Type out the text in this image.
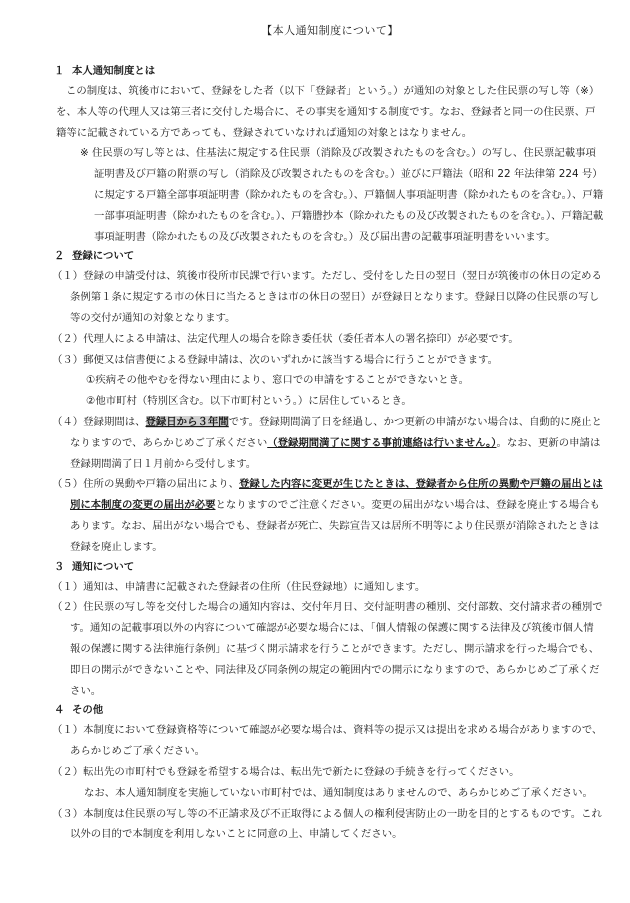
【本人通知制度について】
１ 本人通知制度とは

この制度は、筑後市において、登録をした者（以下「登録者」という。）が通知の対象とした住民票の写し等（※）を、本人等の代理人又は第三者に交付した場合に、その事実を通知する制度です。なお、登録者と同一の住民票、戸籍等に記載されている方であっても、登録されていなければ通知の対象とはなりません。

※ 住民票の写し等とは、住基法に規定する住民票（消除及び改製されたものを含む。）の写し、住民票記載事項証明書及び戸籍の附票の写し（消除及び改製されたものを含む。）並びに戸籍法（昭和 22 年法律第 224 号）に規定する戸籍全部事項証明書（除かれたものを含む。）、戸籍個人事項証明書（除かれたものを含む。）、戸籍一部事項証明書（除かれたものを含む。）、戸籍謄抄本（除かれたもの及び改製されたものを含む。）、戸籍記載事項証明書（除かれたもの及び改製されたものを含む。）及び届出書の記載事項証明書をいいます。

２ 登録について

（１）登録の申請受付は、筑後市役所市民課で行います。ただし、受付をした日の翌日（翌日が筑後市の休日の定める条例第１条に規定する市の休日に当たるときは市の休日の翌日）が登録日となります。登録日以降の住民票の写し等の交付が通知の対象となります。

（２）代理人による申請は、法定代理人の場合を除き委任状（委任者本人の署名捺印）が必要です。

（３）郵便又は信書便による登録申請は、次のいずれかに該当する場合に行うことができます。

①疾病その他やむを得ない理由により、窓口での申請をすることができないとき。

②他市町村（特別区含む。以下市町村という。）に居住しているとき。

（４）登録期間は、登録日から３年間です。登録期間満了日を経過し、かつ更新の申請がない場合は、自動的に廃止となりますので、あらかじめご了承ください（登録期間満了に関する事前連絡は行いません。）。なお、更新の申請は登録期間満了日１月前から受付します。

（５）住所の異動や戸籍の届出により、登録した内容に変更が生じたときは、登録者から住所の異動や戸籍の届出とは別に本制度の変更の届出が必要となりますのでご注意ください。変更の届出がない場合は、登録を廃止する場合もあります。なお、届出がない場合でも、登録者が死亡、失踪宣告又は居所不明等により住民票が消除されたときは登録を廃止します。

３ 通知について

（１）通知は、申請書に記載された登録者の住所（住民登録地）に通知します。

（２）住民票の写し等を交付した場合の通知内容は、交付年月日、交付証明書の種別、交付部数、交付請求者の種別です。通知の記載事項以外の内容について確認が必要な場合には、「個人情報の保護に関する法律及び筑後市個人情報の保護に関する法律施行条例」に基づく開示請求を行うことができます。ただし、開示請求を行った場合でも、即日の開示ができないことや、同法律及び同条例の規定の範囲内での開示になりますので、あらかじめご了承ください。

４ その他

（１）本制度において登録資格等について確認が必要な場合は、資料等の提示又は提出を求める場合がありますので、あらかじめご了承ください。

（２）転出先の市町村でも登録を希望する場合は、転出先で新たに登録の手続きを行ってください。

なお、本人通知制度を実施していない市町村では、通知制度はありませんので、あらかじめご了承ください。

（３）本制度は住民票の写し等の不正請求及び不正取得による個人の権利侵害防止の一助を目的とするものです。これ以外の目的で本制度を利用しないことに同意の上、申請してください。
